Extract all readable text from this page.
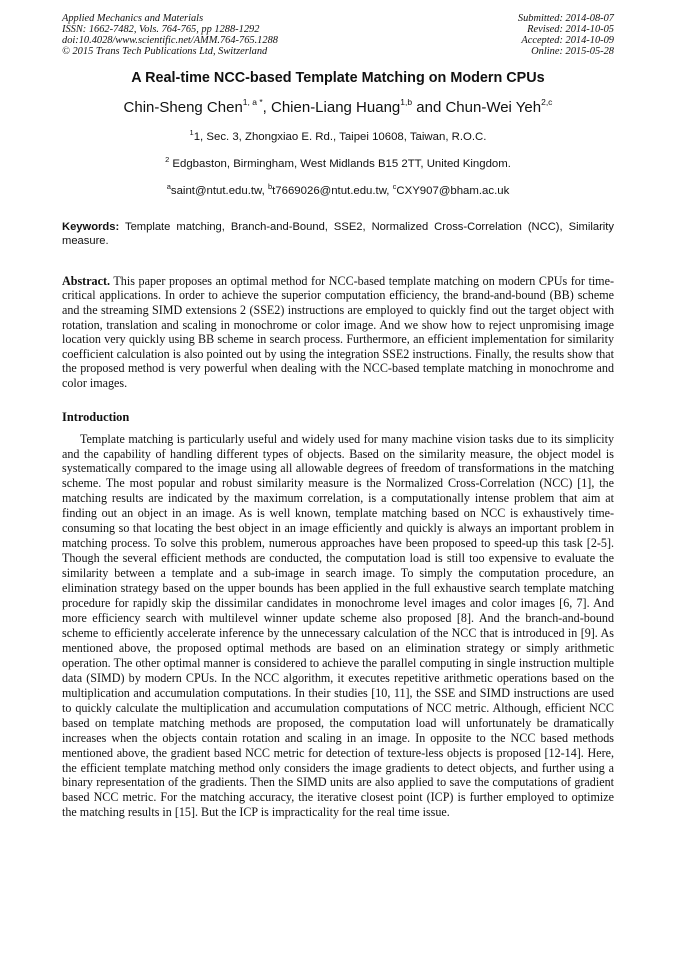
Applied Mechanics and Materials
ISSN: 1662-7482, Vols. 764-765, pp 1288-1292
doi:10.4028/www.scientific.net/AMM.764-765.1288
© 2015 Trans Tech Publications Ltd, Switzerland
Submitted: 2014-08-07
Revised: 2014-10-05
Accepted: 2014-10-09
Online: 2015-05-28
A Real-time NCC-based Template Matching on Modern CPUs
Chin-Sheng Chen$^{1, a *}$, Chien-Liang Huang$^{1,b}$ and Chun-Wei Yeh$^{2,c}$
$^1$1, Sec. 3, Zhongxiao E. Rd., Taipei 10608, Taiwan, R.O.C.
$^2$ Edgbaston, Birmingham, West Midlands B15 2TT, United Kingdom.
$^a$saint@ntut.edu.tw, $^b$t7669026@ntut.edu.tw, $^c$CXY907@bham.ac.uk
Keywords: Template matching, Branch-and-Bound, SSE2, Normalized Cross-Correlation (NCC), Similarity measure.
Abstract. This paper proposes an optimal method for NCC-based template matching on modern CPUs for time-critical applications. In order to achieve the superior computation efficiency, the brand-and-bound (BB) scheme and the streaming SIMD extensions 2 (SSE2) instructions are employed to quickly find out the target object with rotation, translation and scaling in monochrome or color image. And we show how to reject unpromising image location very quickly using BB scheme in search process. Furthermore, an efficient implementation for similarity coefficient calculation is also pointed out by using the integration SSE2 instructions. Finally, the results show that the proposed method is very powerful when dealing with the NCC-based template matching in monochrome and color images.
Introduction
Template matching is particularly useful and widely used for many machine vision tasks due to its simplicity and the capability of handling different types of objects. Based on the similarity measure, the object model is systematically compared to the image using all allowable degrees of freedom of transformations in the matching scheme. The most popular and robust similarity measure is the Normalized Cross-Correlation (NCC) [1], the matching results are indicated by the maximum correlation, is a computationally intense problem that aim at finding out an object in an image. As is well known, template matching based on NCC is exhaustively time-consuming so that locating the best object in an image efficiently and quickly is always an important problem in matching process. To solve this problem, numerous approaches have been proposed to speed-up this task [2-5]. Though the several efficient methods are conducted, the computation load is still too expensive to evaluate the similarity between a template and a sub-image in search image. To simply the computation procedure, an elimination strategy based on the upper bounds has been applied in the full exhaustive search template matching procedure for rapidly skip the dissimilar candidates in monochrome level images and color images [6, 7]. And more efficiency search with multilevel winner update scheme also proposed [8]. And the branch-and-bound scheme to efficiently accelerate inference by the unnecessary calculation of the NCC that is introduced in [9]. As mentioned above, the proposed optimal methods are based on an elimination strategy or simply arithmetic operation. The other optimal manner is considered to achieve the parallel computing in single instruction multiple data (SIMD) by modern CPUs. In the NCC algorithm, it executes repetitive arithmetic operations based on the multiplication and accumulation computations. In their studies [10, 11], the SSE and SIMD instructions are used to quickly calculate the multiplication and accumulation computations of NCC metric. Although, efficient NCC based on template matching methods are proposed, the computation load will unfortunately be dramatically increases when the objects contain rotation and scaling in an image. In opposite to the NCC based methods mentioned above, the gradient based NCC metric for detection of texture-less objects is proposed [12-14]. Here, the efficient template matching method only considers the image gradients to detect objects, and further using a binary representation of the gradients. Then the SIMD units are also applied to save the computations of gradient based NCC metric. For the matching accuracy, the iterative closest point (ICP) is further employed to optimize the matching results in [15]. But the ICP is impracticality for the real time issue.
